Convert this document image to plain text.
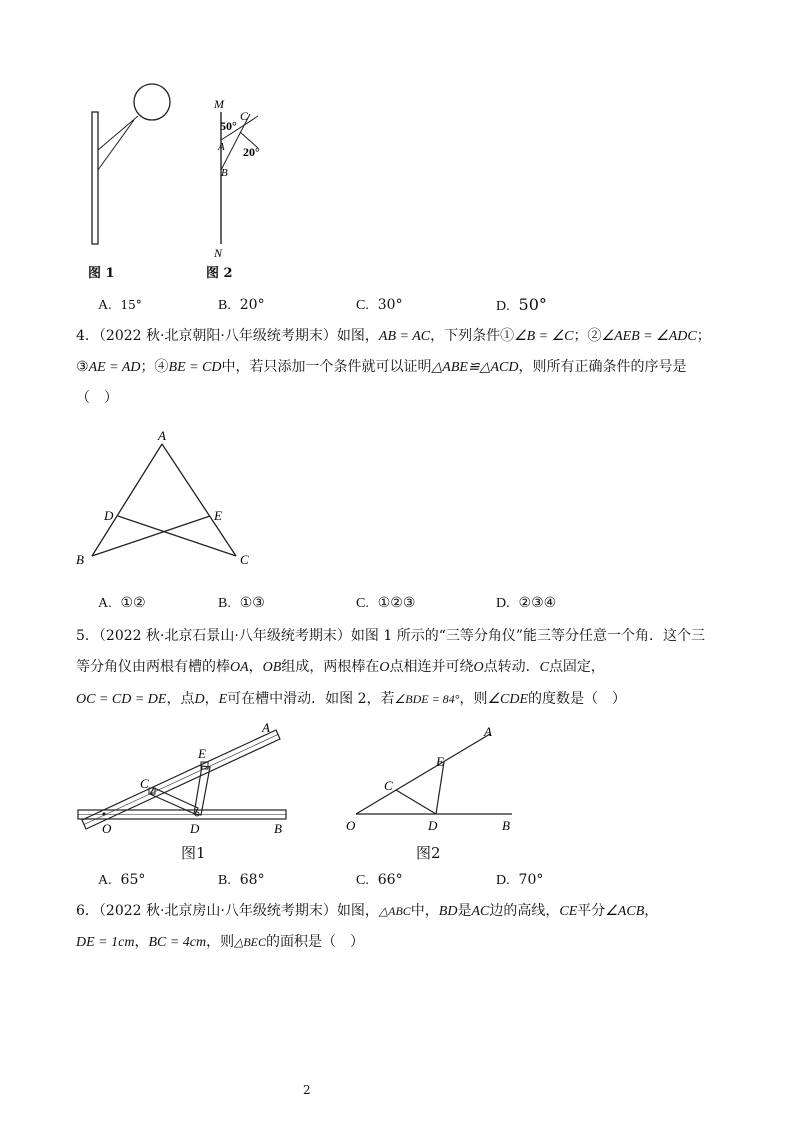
M
C
50°
A 20°
B
N
图 1	图 2
A. 15°	B. 20°	C. 30°	D. 50°
4．（2022 秋·北京朝阳·八年级统考期末）如图，AB = AC，下列条件①∠B = ∠C；②∠AEB = ∠ADC；
③AE = AD；④BE = CD中，若只添加一个条件就可以证明△ABE≌△ACD，则所有正确条件的序号是
（　）
A
D	E
B	C
A. ①②	B. ①③	C. ①②③	D. ②③④
5．（2022 秋·北京石景山·八年级统考期末）如图 1 所示的“三等分角仪”能三等分任意一个角．这个三
等分角仪由两根有槽的棒OA，OB组成，两根棒在O点相连并可绕O点转动．C点固定，
OC = CD = DE，点D，E可在槽中滑动．如图 2，若∠BDE = 84°，则∠CDE的度数是（　）
A
E
C
O	D	B
图1
A
E
C
O	D	B
图2
A. 65°	B. 68°	C. 66°	D. 70°
6．（2022 秋·北京房山·八年级统考期末）如图，△ABC中，BD是AC边的高线，CE平分∠ACB，
DE = 1cm，BC = 4cm，则△BEC的面积是（　）
2
